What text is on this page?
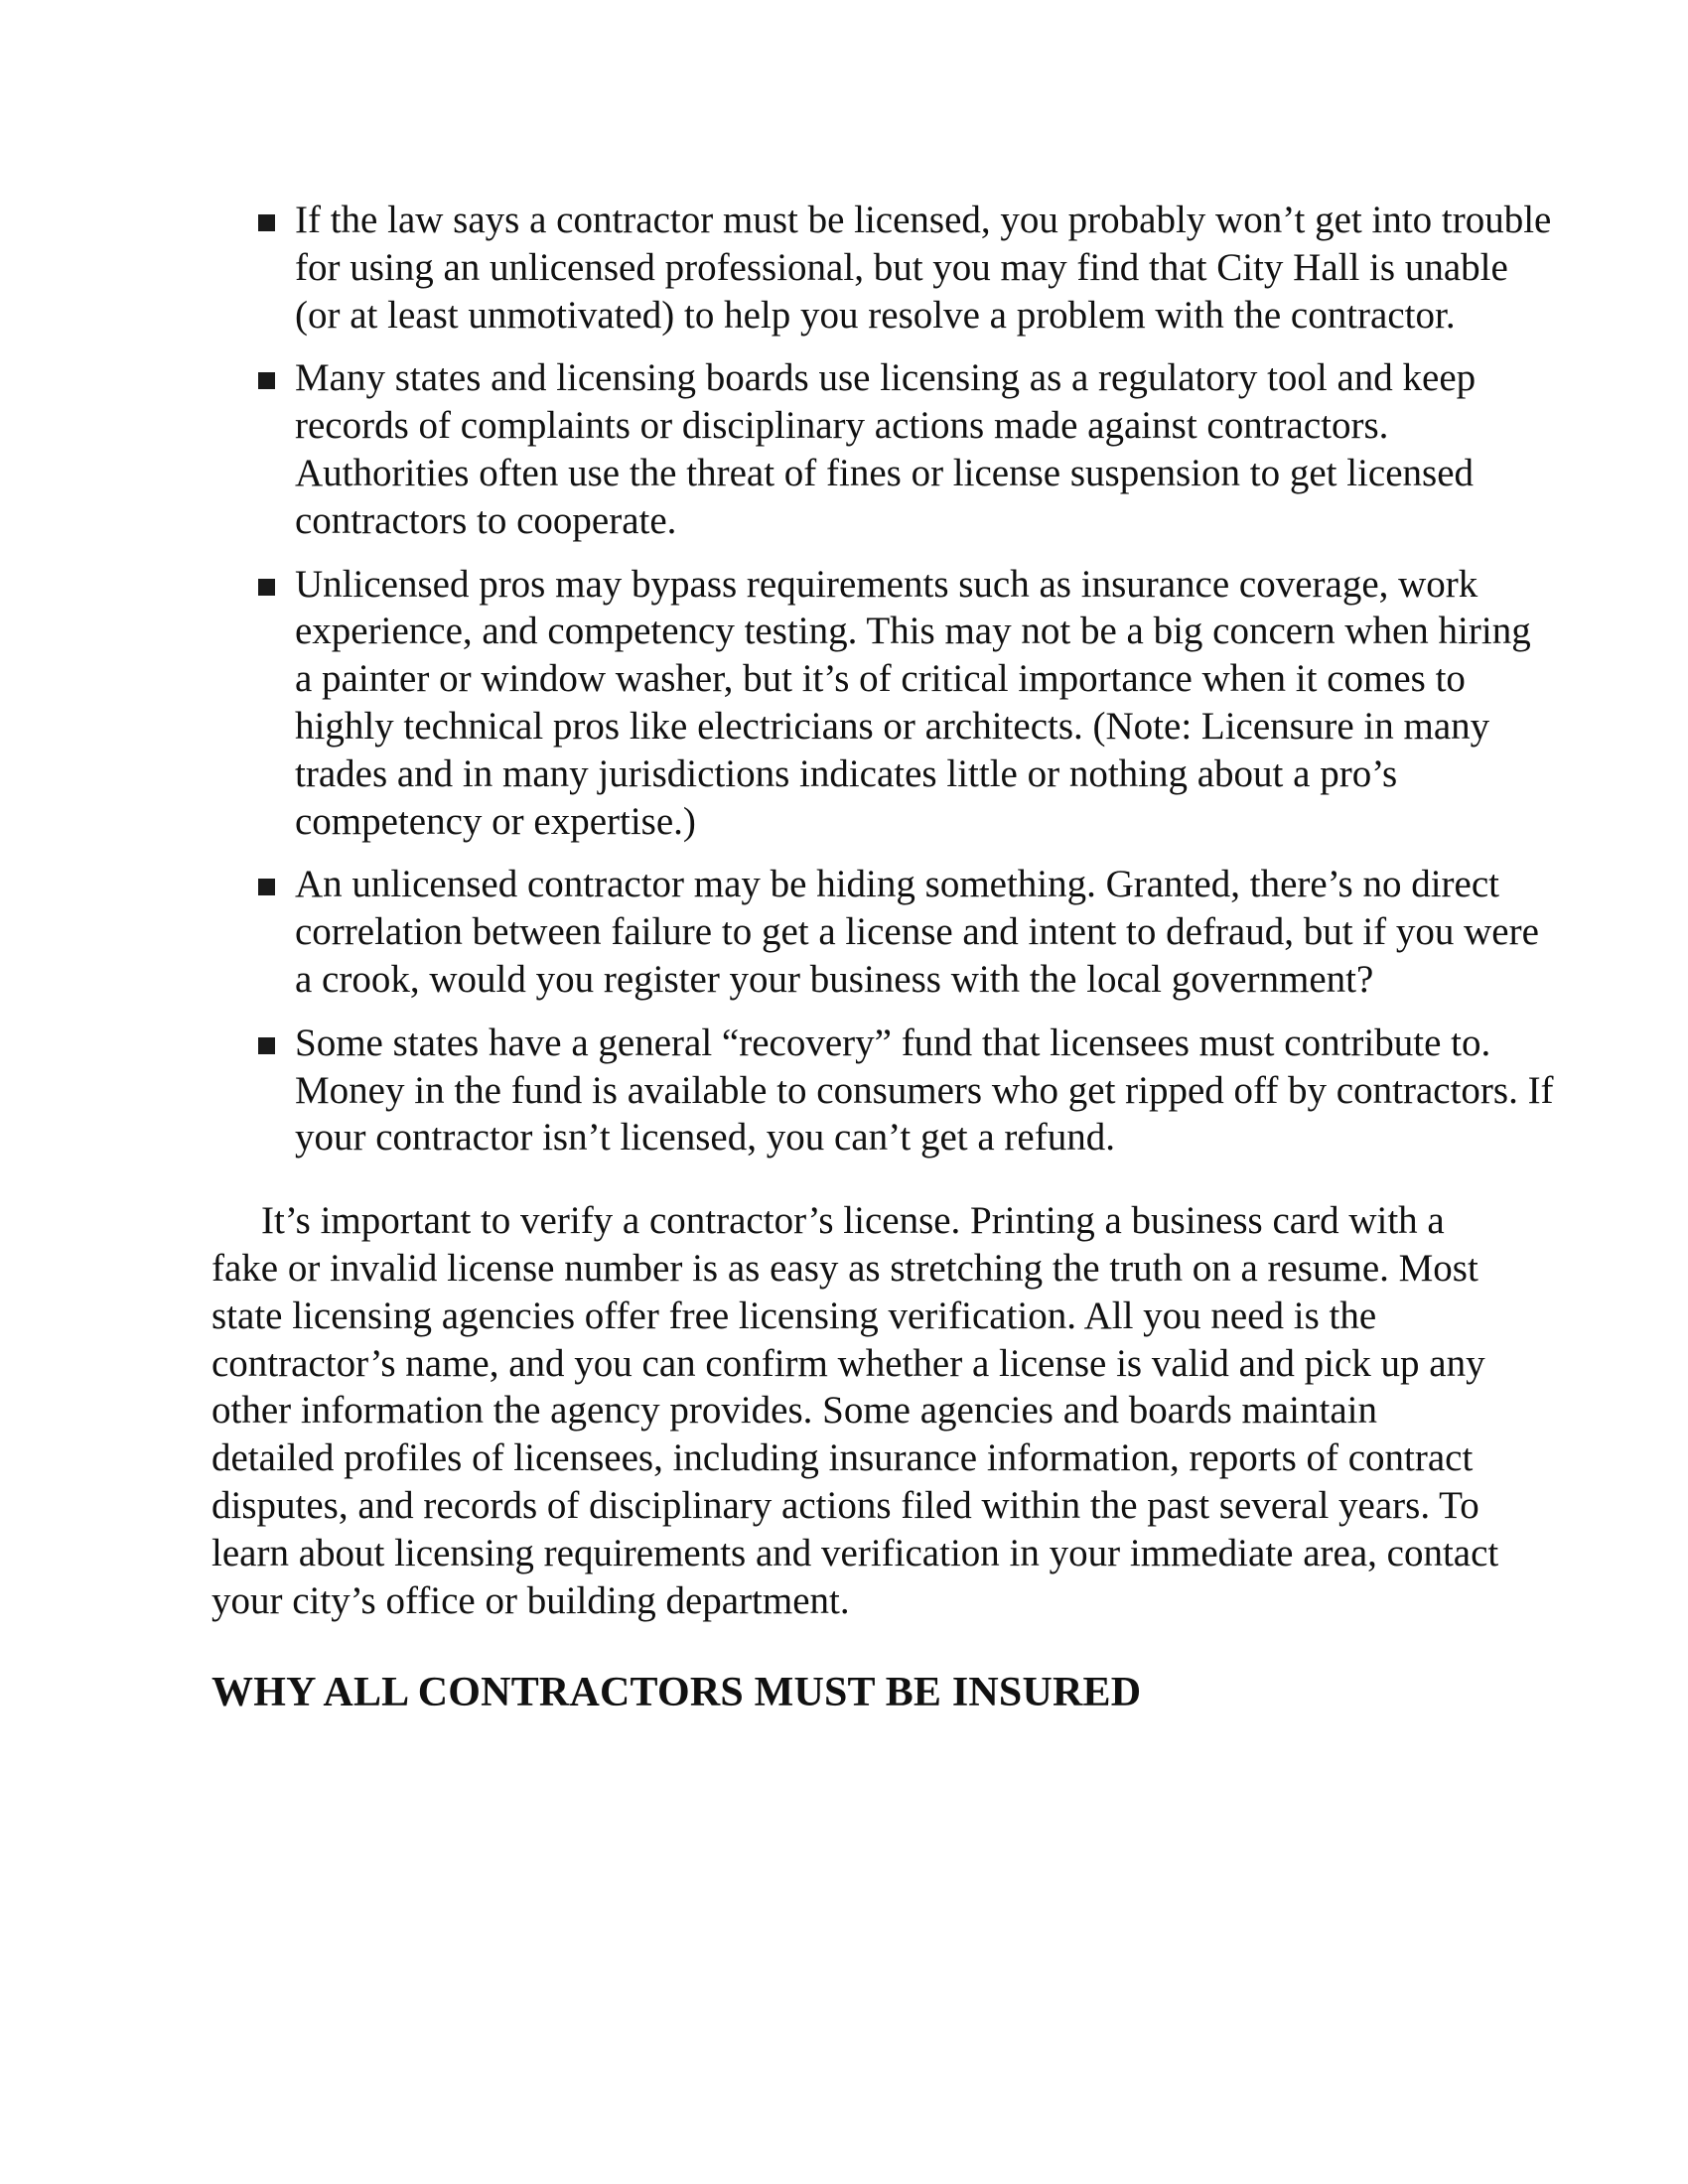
If the law says a contractor must be licensed, you probably won’t get into trouble for using an unlicensed professional, but you may find that City Hall is unable (or at least unmotivated) to help you resolve a problem with the contractor.
Many states and licensing boards use licensing as a regulatory tool and keep records of complaints or disciplinary actions made against contractors. Authorities often use the threat of fines or license suspension to get licensed contractors to cooperate.
Unlicensed pros may bypass requirements such as insurance coverage, work experience, and competency testing. This may not be a big concern when hiring a painter or window washer, but it’s of critical importance when it comes to highly technical pros like electricians or architects. (Note: Licensure in many trades and in many jurisdictions indicates little or nothing about a pro’s competency or expertise.)
An unlicensed contractor may be hiding something. Granted, there’s no direct correlation between failure to get a license and intent to defraud, but if you were a crook, would you register your business with the local government?
Some states have a general “recovery” fund that licensees must contribute to. Money in the fund is available to consumers who get ripped off by contractors. If your contractor isn’t licensed, you can’t get a refund.

It’s important to verify a contractor’s license. Printing a business card with a fake or invalid license number is as easy as stretching the truth on a resume. Most state licensing agencies offer free licensing verification. All you need is the contractor’s name, and you can confirm whether a license is valid and pick up any other information the agency provides. Some agencies and boards maintain detailed profiles of licensees, including insurance information, reports of contract disputes, and records of disciplinary actions filed within the past several years. To learn about licensing requirements and verification in your immediate area, contact your city’s office or building department.

WHY ALL CONTRACTORS MUST BE INSURED
